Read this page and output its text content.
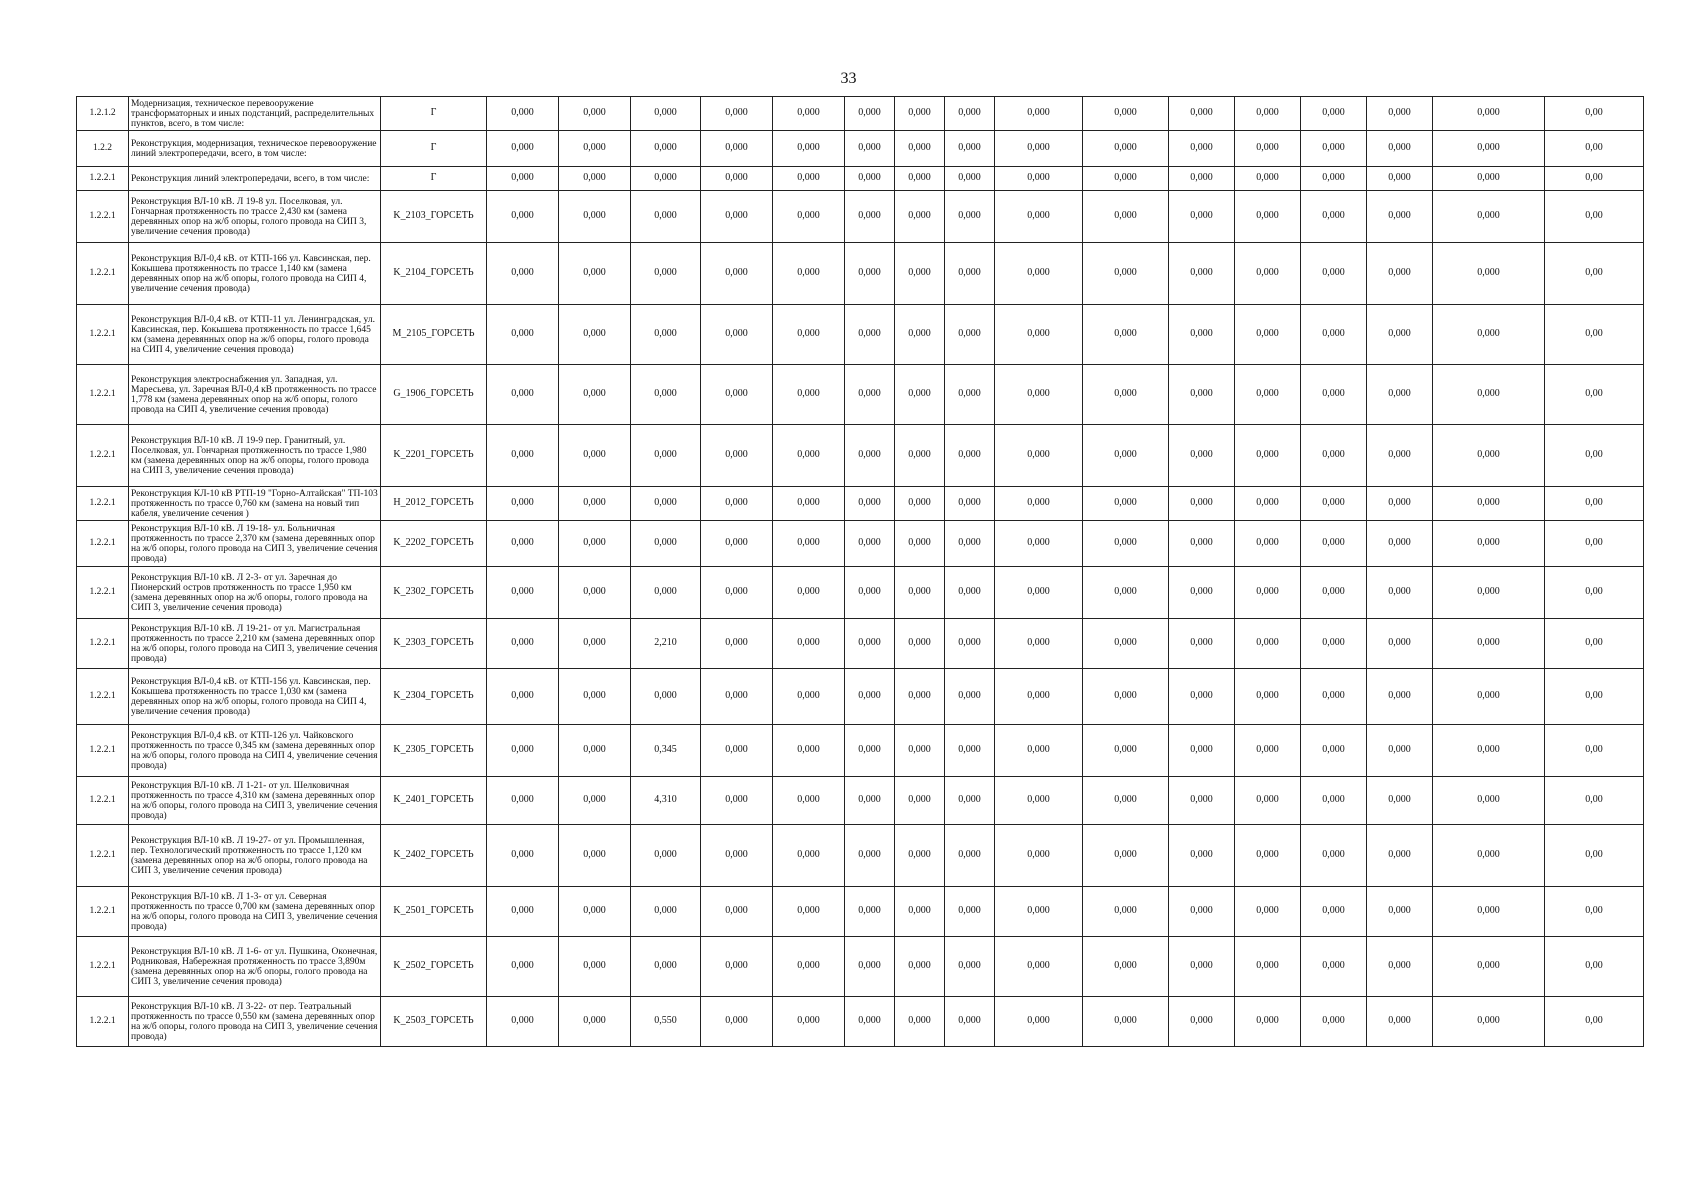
33
1.2.1.2	Модернизация, техническое перевооружение трансформаторных и иных подстанций, распределительных пунктов, всего, в том числе:	Г	0,000	0,000	0,000	0,000	0,000	0,000	0,000	0,000	0,000	0,000	0,000	0,000	0,000	0,000	0,000	0,00
1.2.2	Реконструкция, модернизация, техническое перевооружение линий электропередачи, всего, в том числе:	Г	0,000	0,000	0,000	0,000	0,000	0,000	0,000	0,000	0,000	0,000	0,000	0,000	0,000	0,000	0,000	0,00
1.2.2.1	Реконструкция линий электропередачи, всего, в том числе:	Г	0,000	0,000	0,000	0,000	0,000	0,000	0,000	0,000	0,000	0,000	0,000	0,000	0,000	0,000	0,000	0,00
1.2.2.1	Реконструкция ВЛ-10 кВ. Л 19-8 ул. Поселковая, ул. Гончарная протяженность по трассе 2,430 км (замена деревянных опор на ж/б опоры, голого провода на СИП 3, увеличение сечения провода)	K_2103_ГОРСЕТЬ	0,000	0,000	0,000	0,000	0,000	0,000	0,000	0,000	0,000	0,000	0,000	0,000	0,000	0,000	0,000	0,00
1.2.2.1	Реконструкция ВЛ-0,4 кВ. от КТП-166 ул. Кавсинская, пер. Кокышева протяженность по трассе 1,140 км (замена деревянных опор на ж/б опоры, голого провода на СИП 4, увеличение сечения провода)	K_2104_ГОРСЕТЬ	0,000	0,000	0,000	0,000	0,000	0,000	0,000	0,000	0,000	0,000	0,000	0,000	0,000	0,000	0,000	0,00
1.2.2.1	Реконструкция ВЛ-0,4 кВ. от КТП-11 ул. Ленинградская, ул. Кавсинская, пер. Кокышева протяженность по трассе 1,645 км (замена деревянных опор на ж/б опоры, голого провода на СИП 4, увеличение сечения провода)	M_2105_ГОРСЕТЬ	0,000	0,000	0,000	0,000	0,000	0,000	0,000	0,000	0,000	0,000	0,000	0,000	0,000	0,000	0,000	0,00
1.2.2.1	Реконструкция электроснабжения ул. Западная, ул. Маресьева, ул. Заречная ВЛ-0,4 кВ протяженность по трассе 1,778 км (замена деревянных опор на ж/б опоры, голого провода на СИП 4, увеличение сечения провода)	G_1906_ГОРСЕТЬ	0,000	0,000	0,000	0,000	0,000	0,000	0,000	0,000	0,000	0,000	0,000	0,000	0,000	0,000	0,000	0,00
1.2.2.1	Реконструкция ВЛ-10 кВ. Л 19-9 пер. Гранитный, ул. Поселковая, ул. Гончарная протяженность по трассе 1,980 км (замена деревянных опор на ж/б опоры, голого провода на СИП 3, увеличение сечения провода)	K_2201_ГОРСЕТЬ	0,000	0,000	0,000	0,000	0,000	0,000	0,000	0,000	0,000	0,000	0,000	0,000	0,000	0,000	0,000	0,00
1.2.2.1	Реконструкция КЛ-10 кВ РТП-19 "Горно-Алтайская" ТП-103 протяженность по трассе 0,760 км (замена на новый тип кабеля, увеличение сечения )	H_2012_ГОРСЕТЬ	0,000	0,000	0,000	0,000	0,000	0,000	0,000	0,000	0,000	0,000	0,000	0,000	0,000	0,000	0,000	0,00
1.2.2.1	Реконструкция ВЛ-10 кВ. Л 19-18- ул. Больничная протяженность по трассе 2,370 км (замена деревянных опор на ж/б опоры, голого провода на СИП 3, увеличение сечения провода)	K_2202_ГОРСЕТЬ	0,000	0,000	0,000	0,000	0,000	0,000	0,000	0,000	0,000	0,000	0,000	0,000	0,000	0,000	0,000	0,00
1.2.2.1	Реконструкция ВЛ-10 кВ. Л 2-3- от ул. Заречная до Пионерский остров протяженность по трассе 1,950 км (замена деревянных опор на ж/б опоры, голого провода на СИП 3, увеличение сечения провода)	K_2302_ГОРСЕТЬ	0,000	0,000	0,000	0,000	0,000	0,000	0,000	0,000	0,000	0,000	0,000	0,000	0,000	0,000	0,000	0,00
1.2.2.1	Реконструкция ВЛ-10 кВ. Л 19-21- от ул. Магистральная протяженность по трассе 2,210 км (замена деревянных опор на ж/б опоры, голого провода на СИП 3, увеличение сечения провода)	K_2303_ГОРСЕТЬ	0,000	0,000	2,210	0,000	0,000	0,000	0,000	0,000	0,000	0,000	0,000	0,000	0,000	0,000	0,000	0,00
1.2.2.1	Реконструкция ВЛ-0,4 кВ. от КТП-156 ул. Кавсинская, пер. Кокышева протяженность по трассе 1,030 км (замена деревянных опор на ж/б опоры, голого провода на СИП 4, увеличение сечения провода)	K_2304_ГОРСЕТЬ	0,000	0,000	0,000	0,000	0,000	0,000	0,000	0,000	0,000	0,000	0,000	0,000	0,000	0,000	0,000	0,00
1.2.2.1	Реконструкция ВЛ-0,4 кВ. от КТП-126 ул. Чайковского протяженность по трассе 0,345 км (замена деревянных опор на ж/б опоры, голого провода на СИП 4, увеличение сечения провода)	K_2305_ГОРСЕТЬ	0,000	0,000	0,345	0,000	0,000	0,000	0,000	0,000	0,000	0,000	0,000	0,000	0,000	0,000	0,000	0,00
1.2.2.1	Реконструкция ВЛ-10 кВ. Л 1-21- от ул. Шелковичная протяженность по трассе 4,310 км (замена деревянных опор на ж/б опоры, голого провода на СИП 3, увеличение сечения провода)	K_2401_ГОРСЕТЬ	0,000	0,000	4,310	0,000	0,000	0,000	0,000	0,000	0,000	0,000	0,000	0,000	0,000	0,000	0,000	0,00
1.2.2.1	Реконструкция ВЛ-10 кВ. Л 19-27- от ул. Промышленная, пер. Технологический протяженность по трассе 1,120 км (замена деревянных опор на ж/б опоры, голого провода на СИП 3, увеличение сечения провода)	K_2402_ГОРСЕТЬ	0,000	0,000	0,000	0,000	0,000	0,000	0,000	0,000	0,000	0,000	0,000	0,000	0,000	0,000	0,000	0,00
1.2.2.1	Реконструкция ВЛ-10 кВ. Л 1-3- от ул. Северная протяженность по трассе 0,700 км (замена деревянных опор на ж/б опоры, голого провода на СИП 3, увеличение сечения провода)	K_2501_ГОРСЕТЬ	0,000	0,000	0,000	0,000	0,000	0,000	0,000	0,000	0,000	0,000	0,000	0,000	0,000	0,000	0,000	0,00
1.2.2.1	Реконструкция ВЛ-10 кВ. Л 1-6- от ул. Пушкина, Оконечная, Родниковая, Набережная протяженность по трассе 3,890м (замена деревянных опор на ж/б опоры, голого провода на СИП 3, увеличение сечения провода)	K_2502_ГОРСЕТЬ	0,000	0,000	0,000	0,000	0,000	0,000	0,000	0,000	0,000	0,000	0,000	0,000	0,000	0,000	0,000	0,00
1.2.2.1	Реконструкция ВЛ-10 кВ. Л 3-22- от пер. Театральный протяженность по трассе 0,550 км (замена деревянных опор на ж/б опоры, голого провода на СИП 3, увеличение сечения провода)	K_2503_ГОРСЕТЬ	0,000	0,000	0,550	0,000	0,000	0,000	0,000	0,000	0,000	0,000	0,000	0,000	0,000	0,000	0,000	0,00
